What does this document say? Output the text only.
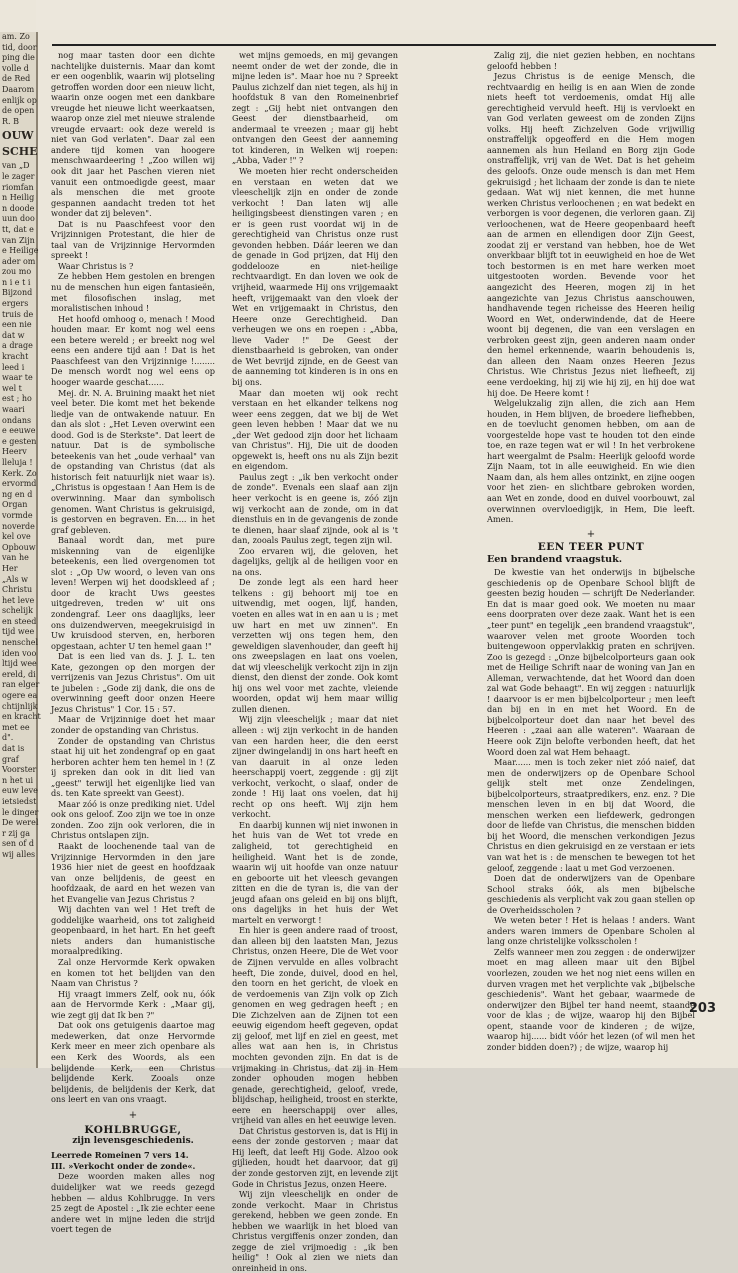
am. Zo

tid, door

ping die

volle d

de Red

Daarom

enlijk op

de open

R. B

OUW

SCHE

van „D

le zager

riomfan

n Heilig

n doode

uun doo

tt, dat e

van Zijn

e Heilige

ader om

zou mo

n i e t i

Bijzond

ergers

truis de

een nie

dat w

a drage

kracht

leed i

waar te

wel t

est ; ho

waari

ondans

e eeuwe

e gesten

Heerv

lleluja !

Kerk. Zo

ervormd

ng en d

Organ

vormde

noverde

kel ove

Opbouw

van he

Her

„Als w

Christu

het leve

schelijk

en steed

tijd wee

nenschel

iden voo

ltijd wee

ereld, di

ran elger

ogere ea

chtijnlijk

en kracht

met ee

d".

dat is

graf

Voorster

n het ui

euw leve

ietsiedst

le dinger

De werel

r zij ga

sen of d

wij alles

nog maar tasten door een dichte nachtelijke duisternis. Maar dan komt er een oogenblik, waarin wij plotseling getroffen worden door een nieuw licht, waarin onze oogen met een dankbare vreugde het nieuwe licht weerkaatsen, waarop onze ziel met nieuwe stralende vreugde ervaart: ook deze wereld is niet van God verlaten". Daar zal een andere tijd komen van hoogere menschwaardeering ! „Zoo willen wij ook dit jaar het Paschen vieren niet vanuit een ontmoedigde geest, maar als menschen die met groote gespannen aandacht treden tot het wonder dat zij beleven".

Dat is nu Paaschfeest voor den Vrijzinnigen Protestant, die hier de taal van de Vrijzinnige Hervormden spreekt !

Waar Christus is ?

Ze hebben Hem gestolen en brengen nu de menschen hun eigen fantasieën, met filosofischen inslag, met moralistischen inhoud !

Het hoofd omhoog o, menach ! Mood houden maar. Er komt nog wel eens een betere wereld ; er breekt nog wel eens een andere tijd aan ! Dat is het Paaschfeest van den Vrijzinnige !........ De mensch wordt nog wel eens op hooger waarde geschat......

Mej. dr. N. A. Bruining maakt het niet veel beter. Die komt met het bekende liedje van de ontwakende natuur. En dan als slot : „Het Leven overwint een dood. God is de Sterkste". Dat leert de natuur. Dat is de symbolische beteekenis van het „oude verhaal" van de opstanding van Christus (dat als historisch feit natuurlijk niet waar is). „Christus is opgestaan ! Aan Hem is de overwinning. Maar dan symbolisch genomen. Want Christus is gekruisigd, is gestorven en begraven. En.... in het graf gebleven.

Banaal wordt dan, met pure miskenning van de eigenlijke beteekenis, een lied overgenomen tot slot : „Op Uw woord, o leven van ons leven! Werpen wij het doodskleed af ; door de kracht Uws geestes uitgedreven, treden w' uit ons zondengraf. Leer ons daaglijks, leer ons duizendwerven, meegekruisigd in Uw kruisdood sterven, en, herboren opgestaan, achter U ten hemel gaan !"

Dat is een lied van ds. J. J. L. ten Kate, gezongen op den morgen der verrijzenis van Jezus Christus". Om uit te jubelen : „Gode zij dank, die ons de overwinning geeft door onzen Heere Jezus Christus" 1 Cor. 15 : 57.

Maar de Vrijzinnige doet het maar zonder de opstanding van Christus.

Zonder de opstanding van Christus staat hij uit het zondengraf op en gaat herboren achter hem ten hemel in ! (Z ij spreken dan ook in dit lied van „geest" terwijl het eigenlijke lied van ds. ten Kate spreekt van Geest).

Maar zóó is onze prediking niet. Udel ook ons geloof. Zoo zijn we toe in onze zonden. Zoo zijn ook verloren, die in Christus ontslapen zijn.

Raakt de loochenende taal van de Vrijzinnige Hervormden in den jare 1936 hier niet de geest en hoofdzaak van onze belijdenis, de geest en hoofdzaak, de aard en het wezen van het Evangelie van Jezus Christus ?

Wij dachten van wel ! Het treft de goddelijke waarheid, ons tot zaligheid geopenbaard, in het hart. En het geeft niets anders dan humanistische moraalprediking.

Zal onze Hervormde Kerk opwaken en komen tot het belijden van den Naam van Christus ?

Hij vraagt immers Zelf, ook nu, óók aan de Hervormde Kerk : „Maar gij, wie zegt gij dat Ik ben ?"

Dat ook ons getuigenis daartoe mag medewerken, dat onze Hervormde Kerk meer en meer zich openbare als een Kerk des Woords, als een belijdende Kerk, een Christus belijdende Kerk. Zooals onze belijdenis, de belijdenis der Kerk, dat ons leert en van ons vraagt.

+

KOHLBRUGGE,

zijn levensgeschiedenis.

Leerrede Romeinen 7 vers 14.

III. »Verkocht onder de zonde«.

Deze woorden maken alles nog duidelijker wat we reeds gezegd hebben — aldus Kohlbrugge. In vers 25 zegt de Apostel : „Ik zie echter eene andere wet in mijne leden die strijd voert tegen de

wet mijns gemoeds, en mij gevangen neemt onder de wet der zonde, die in mijne leden is". Maar hoe nu ? Spreekt Paulus zichzelf dan niet tegen, als hij in hoofdstuk 8 van den Romeinenbrief zegt : „Gij hebt niet ontvangen den Geest der dienstbaarheid, om andermaal te vreezen ; maar gij hebt ontvangen den Geest der aanneming tot kinderen, in Welken wij roepen: „Abba, Vader !" ?

We moeten hier recht onderscheiden en verstaan en weten dat we vleeschelijk zijn en onder de zonde verkocht ! Dan laten wij alle heiligingsbeest dienstingen varen ; en er is geen rust voordat wij in de gerechtigheid van Christus onze rust gevonden hebben. Dáár leeren we dan de genade in God prijzen, dat Hij den goddelooze en niet-heilige rechtvaardigt. En dan loven we ook de vrijheid, waarmede Hij ons vrijgemaakt heeft, vrijgemaakt van den vloek der Wet en vrijgemaakt in Christus, den Heere onze Gerechtigheid. Dan verheugen we ons en roepen : „Abba, lieve Vader !" De Geest der dienstbaarheid is gebroken, van onder de Wet bevrijd zijnde, en de Geest van de aanneming tot kinderen is in ons en bij ons.

Maar dan moeten wij ook recht verstaan en het elkander telkens nog weer eens zeggen, dat we bij de Wet geen leven hebben ! Maar dat we nu „der Wet gedood zijn door het lichaam van Christus". Hij, Die uit de dooden opgewekt is, heeft ons nu als Zijn bezit en eigendom.

Paulus zegt : „ik ben verkocht onder de zonde". Evenals een slaaf aan zijn heer verkocht is en geene is, zóó zijn wij verkocht aan de zonde, om in dat dienstluis en in de gevangenis de zonde te dienen, haar slaaf zijnde, ook al is 't dan, zooals Paulus zegt, tegen zijn wil.

Zoo ervaren wij, die geloven, het dagelijks, gelijk al de heiligen voor en na ons.

De zonde legt als een hard heer telkens : gij behoort mij toe en uitwendig, met oogen, lijf, handen, voeten en alles wat in en aan u is ; met uw hart en met uw zinnen". En verzetten wij ons tegen hem, den geweldigen slavenhouder, dan geeft hij ons zweepslagen en laat ons voelen, dat wij vleeschelijk verkocht zijn in zijn dienst, den dienst der zonde. Ook komt hij ons wel voor met zachte, vleiende woorden, opdat wij hem maar willig zullen dienen.

Wij zijn vleeschelijk ; maar dat niet alleen : wij zijn verkocht in de handen van een harden heer, die den eerst zijner dwingelandij in ons hart heeft en van daaruit in al onze leden heerschappij voert, zeggende : gij zijt verkocht, verkocht, o slaaf, onder de zonde ! Hij laat ons voelen, dat hij recht op ons heeft. Wij zijn hem verkocht.

En daarbij kunnen wij niet inwonen in het huis van de Wet tot vrede en zaligheid, tot gerechtigheid en heiligheid. Want het is de zonde, waarin wij uit hoofde van onze natuur en geboorte uit het vleesch gevangen zitten en die de tyran is, die van der jeugd afaan ons geleid en bij ons blijft, ons dagelijks in het huis der Wet martelt en verworgt !

En hier is geen andere raad of troost, dan alleen bij den laatsten Man, Jezus Christus, onzen Heere, Die de Wet voor de Zijnen vervulde en alles volbracht heeft, Die zonde, duivel, dood en hel, den toorn en het gericht, de vloek en de verdoemenis van Zijn volk op Zich genomen en weg gedragen heeft ; en Die Zichzelven aan de Zijnen tot een eeuwig eigendom heeft gegeven, opdat zij geloof, met lijf en ziel en geest, met alles wat aan hen is, in Christus mochten gevonden zijn. En dat is de vrijmaking in Christus, dat zij in Hem zonder ophouden mogen hebben genade, gerechtigheid, geloof, vrede, blijdschap, heiligheid, troost en sterkte, eere en heerschappij over alles, vrijheid van alles en het eeuwige leven.

Dat Christus gestorven is, dat is Hij in eens der zonde gestorven ; maar dat Hij leeft, dat leeft Hij Gode. Alzoo ook gijlieden, houdt het daarvoor, dat gij der zonde gestorven zijt, en levende zijt Gode in Christus Jezus, onzen Heere.

Wij zijn vleeschelijk en onder de zonde verkocht. Maar in Christus gerekend, hebben we geen zonde. En hebben we waarlijk in het bloed van Christus vergiffenis onzer zonden, dan zegge de ziel vrijmoedig : „ik ben heilig" ! Ook al zien we niets dan onreinheid in ons.

Zalig zij, die niet gezien hebben, en nochtans geloofd hebben !

Jezus Christus is de eenige Mensch, die rechtvaardig en heilig is en aan Wien de zonde niets heeft tot verdoemenis, omdat Hij alle gerechtigheid vervuld heeft. Hij is vervloekt en van God verlaten geweest om de zonden Zijns volks. Hij heeft Zichzelven Gode vrijwillig onstraffelijk opgeofferd en die Hem mogen aannemen als hun Heiland en Borg zijn Gode onstraffelijk, vrij van de Wet. Dat is het geheim des geloofs. Onze oude mensch is dan met Hem gekruisigd ; het lichaam der zonde is dan te niete gedaan. Wat wij niet kennen, die met hunne werken Christus verloochenen ; en wat bedekt en verborgen is voor degenen, die verloren gaan. Zij verloochenen, wat de Heere geopenbaard heeft aan de armen en ellendigen door Zijn Geest, zoodat zij er verstand van hebben, hoe de Wet onverkbaar blijft tot in eeuwigheid en hoe de Wet toch bestormen is en met hare werken moet uitgestooten worden. Bevende voor het aangezicht des Heeren, mogen zij in het aangezichte van Jezus Christus aanschouwen, handhavende tegen richeisse des Heeren heilig Woord en Wet, onderwindende, dat de Heere woont bij degenen, die van een verslagen en verbroken geest zijn, geen anderen naam onder den hemel erkennende, waarin behoudenis is, dan alleen den Naam onzes Heeren Jezus Christus. Wie Christus Jezus niet liefheeft, zij eene verdoeking, hij zij wie hij zij, en hij doe wat hij doe. De Heere komt !

Welgelukzalig zijn allen, die zich aan Hem houden, in Hem blijven, de broedere liefhebben, en de toevlucht genomen hebben, om aan de voorgestelde hope vast te houden tot den einde toe, en raze tegen wat er wil ! In het verbrokene hart weergalmt de Psalm: Heerlijk geloofd worde Zijn Naam, tot in alle eeuwigheid. En wie dien Naam dan, als hem alles ontzinkt, en zijne oogen voor het zien- en slichtbare gebroken worden, aan Wet en zonde, dood en duivel voorbouwt, zal overwinnen overvloedigijk, in Hem, Die leeft. Amen.

+

EEN TEER PUNT

Een brandend vraagstuk.

De kwestie van het onderwijs in bijbelsche geschiedenis op de Openbare School blijft de geesten bezig houden — schrijft De Nederlander. En dat is maar goed ook. We moeten nu maar eens doorpraten over deze zaak. Want het is een „teer punt" en tegelijk „een brandend vraagstuk", waarover velen met groote Woorden toch buitengewoon oppervlakkig praten en schrijven. Zoo is gezegd : „Onze bijbelcolporteurs gaan ook met de Heilige Schrift naar de woning van Jan en Alleman, verwachtende, dat het Woord dan doen zal wat Gode behaagt". En wij zeggen : natuurlijk ! daarvoor is er men bijbelcolporteur ; men leeft dan bij en in en met het Woord. En de bijbelcolporteur doet dan naar het bevel des Heeren : „zaai aan alle wateren". Waaraan de Heere ook Zijn belofte verbonden heeft, dat het Woord doen zal wat Hem behaagt.

Maar...... men is toch zeker niet zóó naief, dat men de onderwijzers op de Openbare School gelijk stelt met onze Zendelingen, bijbelcolporteurs, straatpredikers, enz. enz. ? Die menschen leven in en bij dat Woord, die menschen werken een liefdewerk, gedrongen door de liefde van Christus, die menschen bidden bij het Woord, die menschen verkondigen Jezus Christus en dien gekruisigd en ze verstaan er iets van wat het is : de menschen te bewegen tot het geloof, zeggende : laat u met God verzoenen.

Doen dat de onderwijzers van de Openbare School straks óók, als men bijbelsche geschiedenis als verplicht vak zou gaan stellen op de Overheidsscholen ?

We weten beter ! Het is helaas ! anders. Want anders waren immers de Openbare Scholen al lang onze christelijke volksscholen !

Zelfs wanneer men zou zeggen : de onderwijzer moet en mag alleen maar uit den Bijbel voorlezen, zouden we het nog niet eens willen en durven vragen met het verplichte vak „bijbelsche geschiedenis". Want het gebaar, waarmede de onderwijzer den Bijbel ter hand neemt, staande voor de klas ; de wijze, waarop hij den Bijbel opent, staande voor de kinderen ; de wijze, waarop hij...... bidt vóór het lezen (of wil men het zonder bidden doen?) ; de wijze, waarop hij

203
